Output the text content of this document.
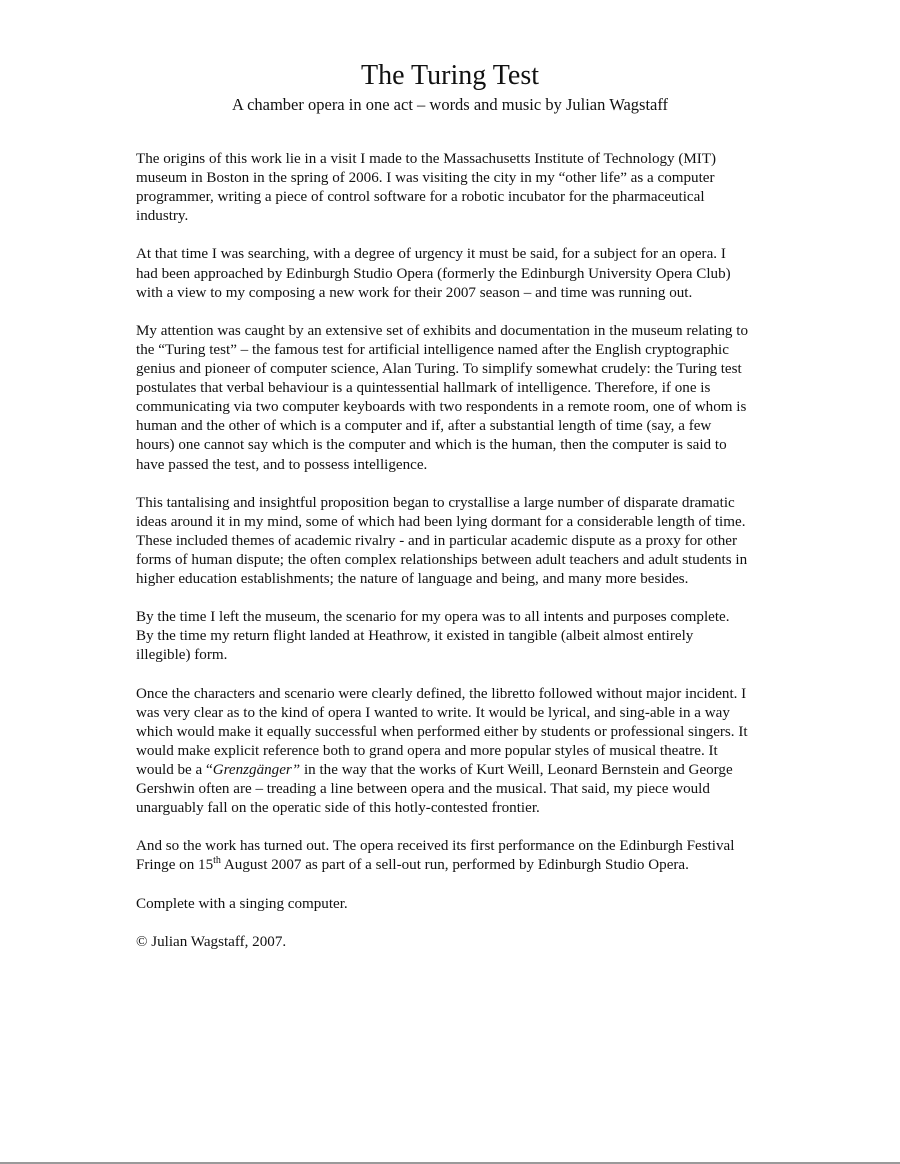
The Turing Test
A chamber opera in one act – words and music by Julian Wagstaff

The origins of this work lie in a visit I made to the Massachusetts Institute of Technology (MIT) museum in Boston in the spring of 2006. I was visiting the city in my “other life” as a computer programmer, writing a piece of control software for a robotic incubator for the pharmaceutical industry.

At that time I was searching, with a degree of urgency it must be said, for a subject for an opera. I had been approached by Edinburgh Studio Opera (formerly the Edinburgh University Opera Club) with a view to my composing a new work for their 2007 season – and time was running out.

My attention was caught by an extensive set of exhibits and documentation in the museum relating to the “Turing test” – the famous test for artificial intelligence named after the English cryptographic genius and pioneer of computer science, Alan Turing. To simplify somewhat crudely: the Turing test postulates that verbal behaviour is a quintessential hallmark of intelligence. Therefore, if one is communicating via two computer keyboards with two respondents in a remote room, one of whom is human and the other of which is a computer and if, after a substantial length of time (say, a few hours) one cannot say which is the computer and which is the human, then the computer is said to have passed the test, and to possess intelligence.

This tantalising and insightful proposition began to crystallise a large number of disparate dramatic ideas around it in my mind, some of which had been lying dormant for a considerable length of time. These included themes of academic rivalry - and in particular academic dispute as a proxy for other forms of human dispute; the often complex relationships between adult teachers and adult students in higher education establishments; the nature of language and being, and many more besides.

By the time I left the museum, the scenario for my opera was to all intents and purposes complete. By the time my return flight landed at Heathrow, it existed in tangible (albeit almost entirely illegible) form.

Once the characters and scenario were clearly defined, the libretto followed without major incident. I was very clear as to the kind of opera I wanted to write. It would be lyrical, and sing-able in a way which would make it equally successful when performed either by students or professional singers. It would make explicit reference both to grand opera and more popular styles of musical theatre. It would be a “Grenzgänger” in the way that the works of Kurt Weill, Leonard Bernstein and George Gershwin often are – treading a line between opera and the musical. That said, my piece would unarguably fall on the operatic side of this hotly-contested frontier.

And so the work has turned out. The opera received its first performance on the Edinburgh Festival Fringe on 15th August 2007 as part of a sell-out run, performed by Edinburgh Studio Opera.

Complete with a singing computer.

© Julian Wagstaff, 2007.
